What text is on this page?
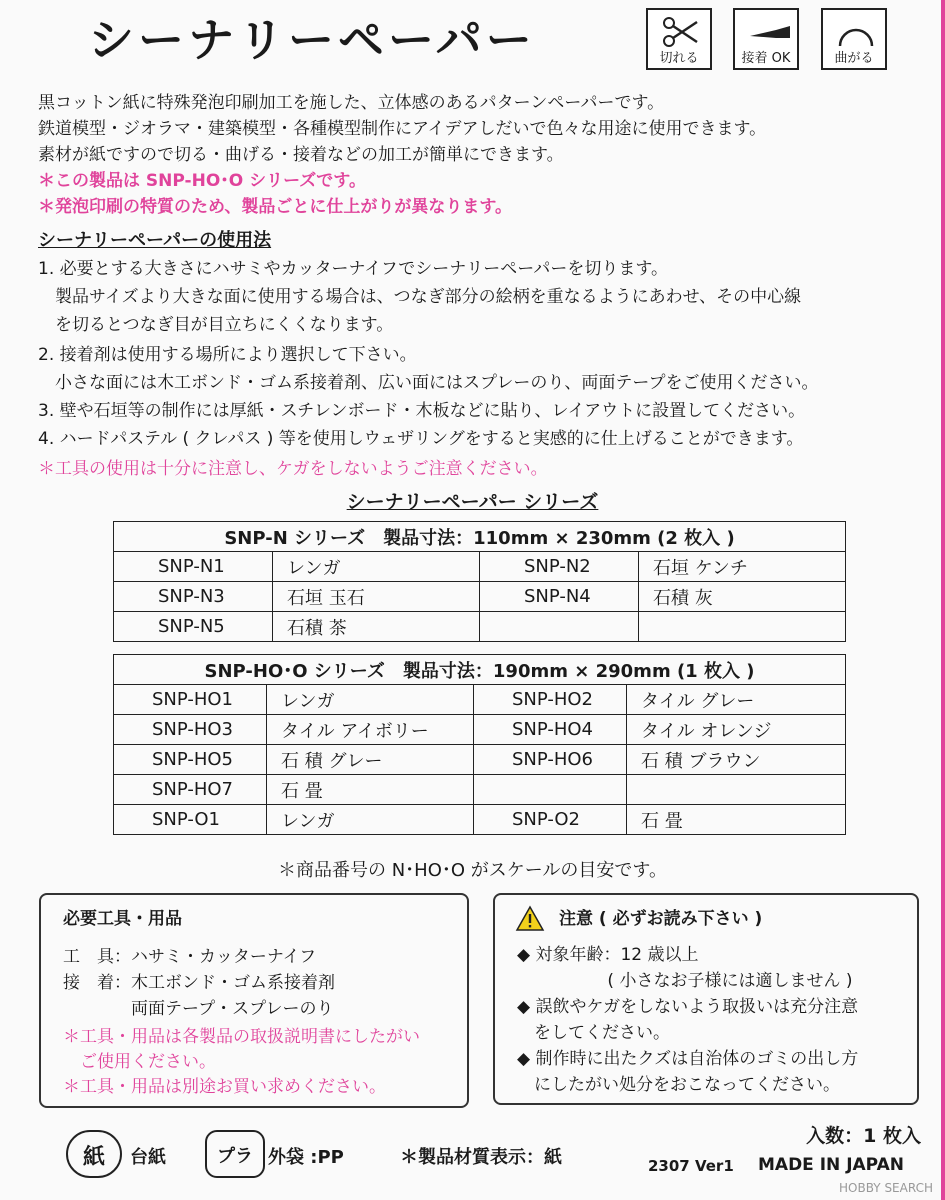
シーナリーペーパー	切れる	接着 OK	曲がる
黒コットン紙に特殊発泡印刷加工を施した、立体感のあるパターンペーパーです。
鉄道模型・ジオラマ・建築模型・各種模型制作にアイデアしだいで色々な用途に使用できます。
素材が紙ですので切る・曲げる・接着などの加工が簡単にできます。
＊この製品は SNP-HO･O シリーズです。
＊発泡印刷の特質のため、製品ごとに仕上がりが異なります。
シーナリーペーパーの使用法
1. 必要とする大きさにハサミやカッターナイフでシーナリーペーパーを切ります。
　製品サイズより大きな面に使用する場合は、つなぎ部分の絵柄を重なるようにあわせ、その中心線
　を切るとつなぎ目が目立ちにくくなります。
2. 接着剤は使用する場所により選択して下さい。
　小さな面には木工ボンド・ゴム系接着剤、広い面にはスプレーのり、両面テープをご使用ください。
3. 壁や石垣等の制作には厚紙・スチレンボード・木板などに貼り、レイアウトに設置してください。
4. ハードパステル ( クレパス ) 等を使用しウェザリングをすると実感的に仕上げることができます。
＊工具の使用は十分に注意し、ケガをしないようご注意ください。
シーナリーペーパー シリーズ
SNP-N シリーズ　製品寸法：110mm × 230mm (2 枚入 )			
SNP-N1	レンガ	SNP-N2	石垣 ケンチ
SNP-N3	石垣 玉石	SNP-N4	石積 灰
SNP-N5	石積 茶		
SNP-HO･O シリーズ　製品寸法：190mm × 290mm (1 枚入 )			
SNP-HO1	レンガ	SNP-HO2	タイル グレー
SNP-HO3	タイル アイボリー	SNP-HO4	タイル オレンジ
SNP-HO5	石 積 グレー	SNP-HO6	石 積 ブラウン
SNP-HO7	石 畳		
SNP-O1	レンガ	SNP-O2	石 畳
＊商品番号の N･HO･O がスケールの目安です。
必要工具・用品
工　具：ハサミ・カッターナイフ
接　着：木工ボンド・ゴム系接着剤
　　　　両面テープ・スプレーのり
＊工具・用品は各製品の取扱説明書にしたがい
　ご使用ください。
＊工具・用品は別途お買い求めください。
注意 ( 必ずお読み下さい )
◆ 対象年齢：12 歳以上
　　　　　 ( 小さなお子様には適しません )
◆ 誤飲やケガをしないよう取扱いは充分注意
　をしてください。
◆ 制作時に出たクズは自治体のゴミの出し方
　にしたがい処分をおこなってください。
入数：1 枚入
紙	台紙	プラ 外袋 :PP	＊製品材質表示：紙	2307 Ver1 MADE IN JAPAN
HOBBY SEARCH
